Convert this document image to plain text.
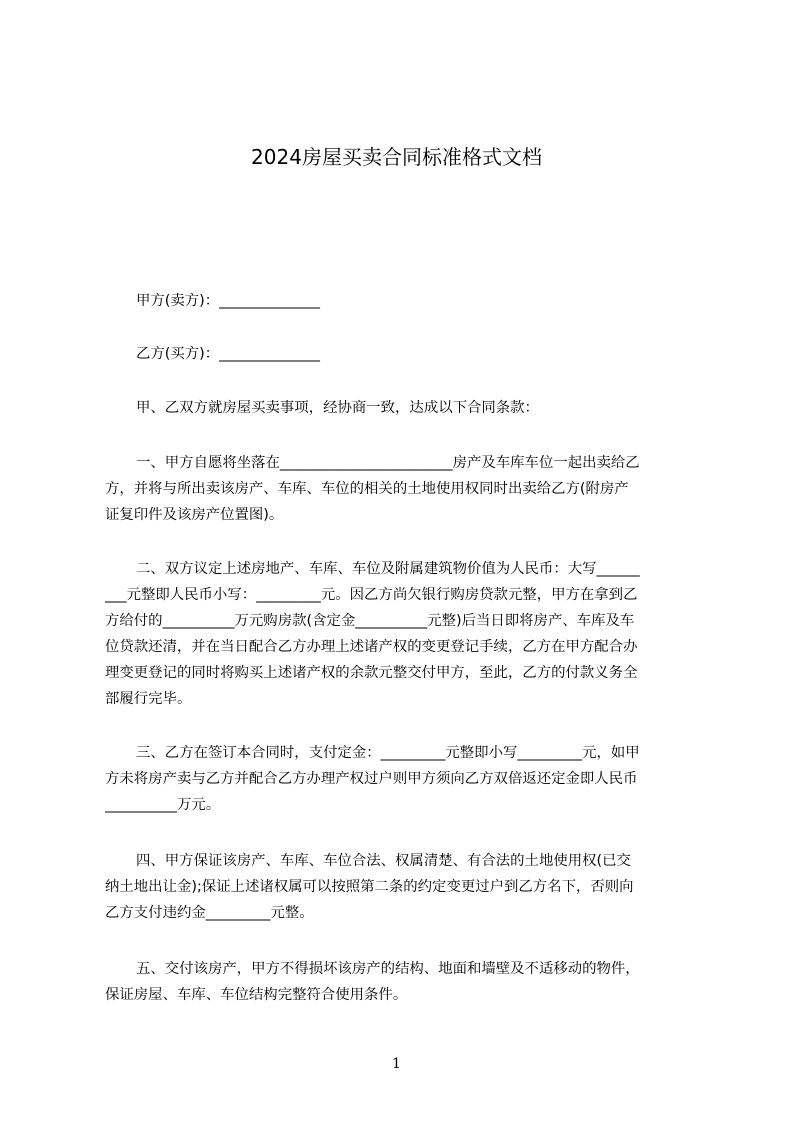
2024房屋买卖合同标准格式文档
甲方(卖方)：______________
乙方(买方)：______________
甲、乙双方就房屋买卖事项，经协商一致，达成以下合同条款：
一、甲方自愿将坐落在________________________房产及车库车位一起出卖给乙
方，并将与所出卖该房产、车库、车位的相关的土地使用权同时出卖给乙方(附房产
证复印件及该房产位置图)。
二、双方议定上述房地产、车库、车位及附属建筑物价值为人民币：大写______
___元整即人民币小写：_________元。因乙方尚欠银行购房贷款元整，甲方在拿到乙
方给付的__________万元购房款(含定金__________元整)后当日即将房产、车库及车
位贷款还清，并在当日配合乙方办理上述诸产权的变更登记手续，乙方在甲方配合办
理变更登记的同时将购买上述诸产权的余款元整交付甲方，至此，乙方的付款义务全
部履行完毕。
三、乙方在签订本合同时，支付定金：_________元整即小写_________元，如甲
方未将房产卖与乙方并配合乙方办理产权过户则甲方须向乙方双倍返还定金即人民币
__________万元。
四、甲方保证该房产、车库、车位合法、权属清楚、有合法的土地使用权(已交
纳土地出让金);保证上述诸权属可以按照第二条的约定变更过户到乙方名下，否则向
乙方支付违约金_________元整。
五、交付该房产，甲方不得损坏该房产的结构、地面和墙壁及不适移动的物件，
保证房屋、车库、车位结构完整符合使用条件。
1
